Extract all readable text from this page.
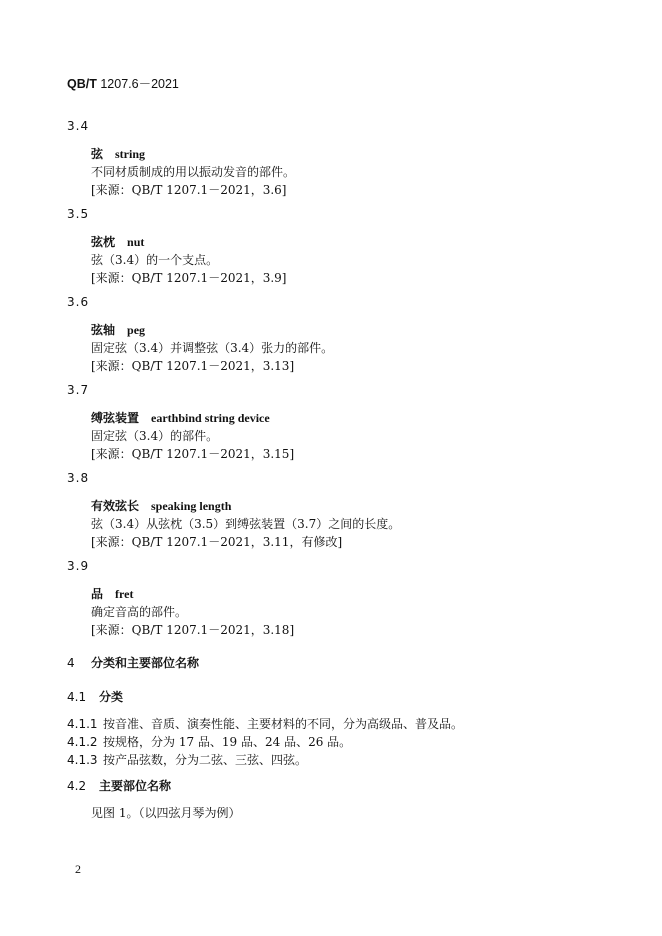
QB/T 1207.6－2021
3.4
弦 string
不同材质制成的用以振动发音的部件。
[来源：QB/T 1207.1－2021，3.6]
3.5
弦枕 nut
弦（3.4）的一个支点。
[来源：QB/T 1207.1－2021，3.9]
3.6
弦轴 peg
固定弦（3.4）并调整弦（3.4）张力的部件。
[来源：QB/T 1207.1－2021，3.13]
3.7
缚弦装置 earthbind string device
固定弦（3.4）的部件。
[来源：QB/T 1207.1－2021，3.15]
3.8
有效弦长 speaking length
弦（3.4）从弦枕（3.5）到缚弦装置（3.7）之间的长度。
[来源：QB/T 1207.1－2021，3.11，有修改]
3.9
品 fret
确定音高的部件。
[来源：QB/T 1207.1－2021，3.18]
4 分类和主要部位名称
4.1 分类
4.1.1 按音准、音质、演奏性能、主要材料的不同，分为高级品、普及品。
4.1.2 按规格，分为 17 品、19 品、24 品、26 品。
4.1.3 按产品弦数，分为二弦、三弦、四弦。
4.2 主要部位名称
见图 1。（以四弦月琴为例）
2
